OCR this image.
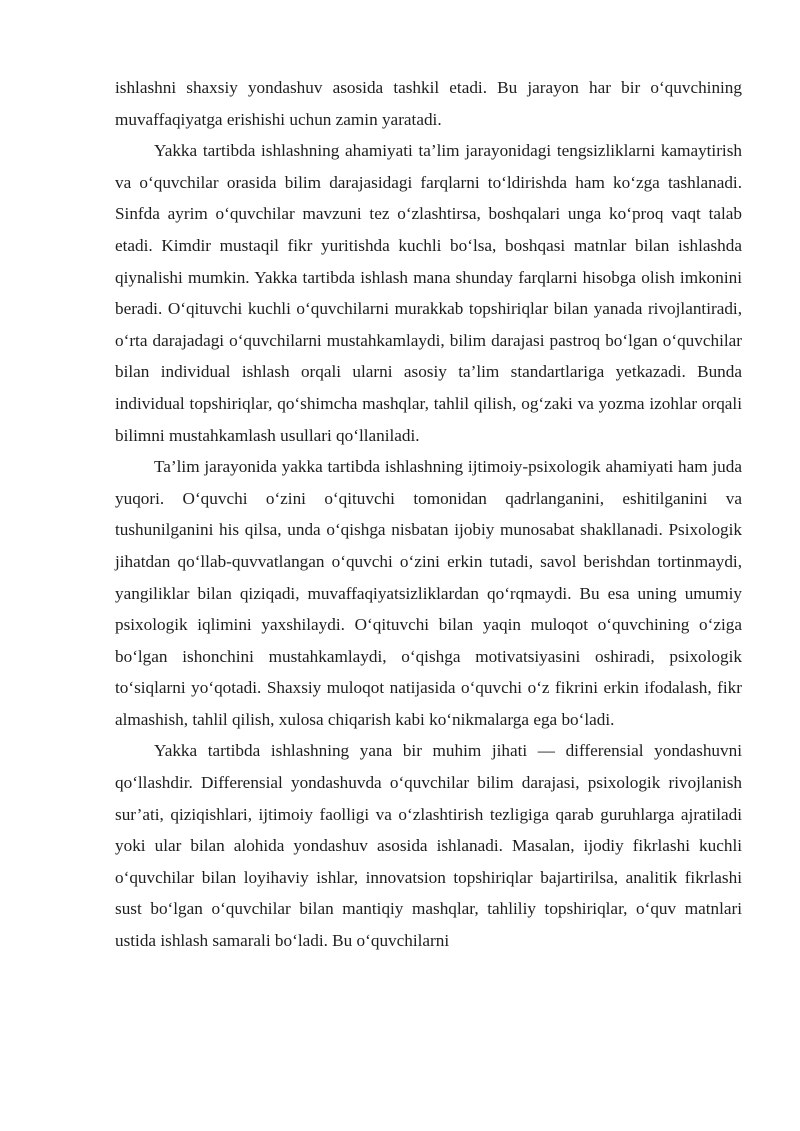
ishlashni shaxsiy yondashuv asosida tashkil etadi. Bu jarayon har bir o‘quvchining muvaffaqiyatga erishishi uchun zamin yaratadi.

Yakka tartibda ishlashning ahamiyati ta’lim jarayonidagi tengsizliklarni kamaytirish va o‘quvchilar orasida bilim darajasidagi farqlarni to‘ldirishda ham ko‘zga tashlanadi. Sinfda ayrim o‘quvchilar mavzuni tez o‘zlashtirsa, boshqalari unga ko‘proq vaqt talab etadi. Kimdir mustaqil fikr yuritishda kuchli bo‘lsa, boshqasi matnlar bilan ishlashda qiynalishi mumkin. Yakka tartibda ishlash mana shunday farqlarni hisobga olish imkonini beradi. O‘qituvchi kuchli o‘quvchilarni murakkab topshiriqlar bilan yanada rivojlantiradi, o‘rta darajadagi o‘quvchilarni mustahkamlaydi, bilim darajasi pastroq bo‘lgan o‘quvchilar bilan individual ishlash orqali ularni asosiy ta’lim standartlariga yetkazadi. Bunda individual topshiriqlar, qo‘shimcha mashqlar, tahlil qilish, og‘zaki va yozma izohlar orqali bilimni mustahkamlash usullari qo‘llaniladi.

Ta’lim jarayonida yakka tartibda ishlashning ijtimoiy-psixologik ahamiyati ham juda yuqori. O‘quvchi o‘zini o‘qituvchi tomonidan qadrlanganini, eshitilganini va tushunilganini his qilsa, unda o‘qishga nisbatan ijobiy munosabat shakllanadi. Psixologik jihatdan qo‘llab-quvvatlangan o‘quvchi o‘zini erkin tutadi, savol berishdan tortinmaydi, yangiliklar bilan qiziqadi, muvaffaqiyatsizliklardan qo‘rqmaydi. Bu esa uning umumiy psixologik iqlimini yaxshilaydi. O‘qituvchi bilan yaqin muloqot o‘quvchining o‘ziga bo‘lgan ishonchini mustahkamlaydi, o‘qishga motivatsiyasini oshiradi, psixologik to‘siqlarni yo‘qotadi. Shaxsiy muloqot natijasida o‘quvchi o‘z fikrini erkin ifodalash, fikr almashish, tahlil qilish, xulosa chiqarish kabi ko‘nikmalarga ega bo‘ladi.

Yakka tartibda ishlashning yana bir muhim jihati — differensial yondashuvni qo‘llashdir. Differensial yondashuvda o‘quvchilar bilim darajasi, psixologik rivojlanish sur’ati, qiziqishlari, ijtimoiy faolligi va o‘zlashtirish tezligiga qarab guruhlarga ajratiladi yoki ular bilan alohida yondashuv asosida ishlanadi. Masalan, ijodiy fikrlashi kuchli o‘quvchilar bilan loyihaviy ishlar, innovatsion topshiriqlar bajartirilsa, analitik fikrlashi sust bo‘lgan o‘quvchilar bilan mantiqiy mashqlar, tahliliy topshiriqlar, o‘quv matnlari ustida ishlash samarali bo‘ladi. Bu o‘quvchilarni
